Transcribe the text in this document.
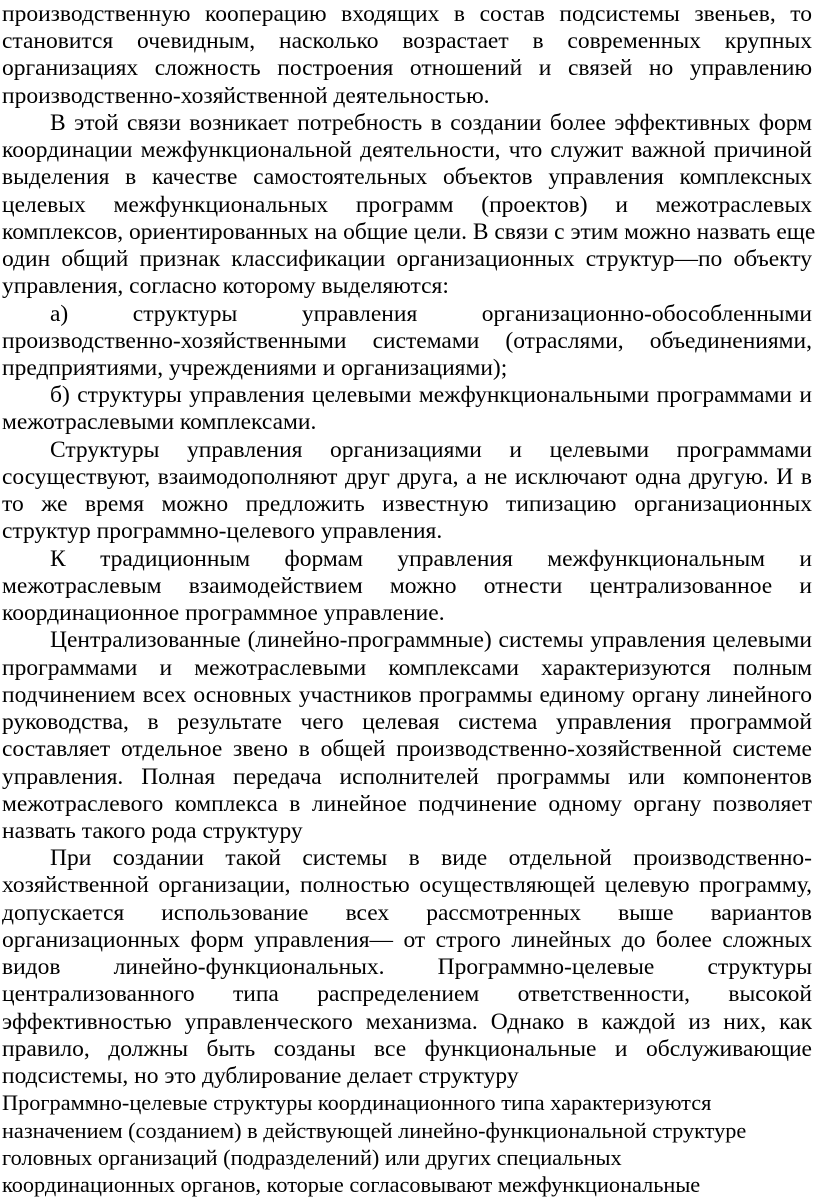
производственную кооперацию входящих в состав подсистемы звеньев, то
становится очевидным, насколько возрастает в современных крупных
организациях сложность построения отношений и связей но управлению
производственно-хозяйственной деятельностью.
В этой связи возникает потребность в создании более эффективных форм
координации межфункциональной деятельности, что служит важной причиной
выделения в качестве самостоятельных объектов управления комплексных
целевых межфункциональных программ (проектов) и межотраслевых
комплексов, ориентированных на общие цели. В связи с этим можно назвать еще
один общий признак классификации организационных структур—по объекту
управления, согласно которому выделяются:
а) структуры управления организационно-обособленными
производственно-хозяйственными системами (отраслями, объединениями,
предприятиями, учреждениями и организациями);
б) структуры управления целевыми межфункциональными программами и
межотраслевыми комплексами.
Структуры управления организациями и целевыми программами
сосуществуют, взаимодополняют друг друга, а не исключают одна другую. И в
то же время можно предложить известную типизацию организационных
структур программно-целевого управления.
К традиционным формам управления межфункциональным и
межотраслевым взаимодействием можно отнести централизованное и
координационное программное управление.
Централизованные (линейно-программные) системы управления целевыми
программами и межотраслевыми комплексами характеризуются полным
подчинением всех основных участников программы единому органу линейного
руководства, в результате чего целевая система управления программой
составляет отдельное звено в общей производственно-хозяйственной системе
управления. Полная передача исполнителей программы или компонентов
межотраслевого комплекса в линейное подчинение одному органу позволяет
назвать такого рода структуру
При создании такой системы в виде отдельной производственно-
хозяйственной организации, полностью осуществляющей целевую программу,
допускается использование всех рассмотренных выше вариантов
организационных форм управления— от строго линейных до более сложных
видов линейно-функциональных. Программно-целевые структуры
централизованного типа распределением ответственности, высокой
эффективностью управленческого механизма. Однако в каждой из них, как
правило, должны быть созданы все функциональные и обслуживающие
подсистемы, но это дублирование делает структуру
Программно-целевые структуры координационного типа характеризуются
назначением (созданием) в действующей линейно-функциональной структуре
головных организаций (подразделений) или других специальных
координационных органов, которые согласовывают межфункциональные
